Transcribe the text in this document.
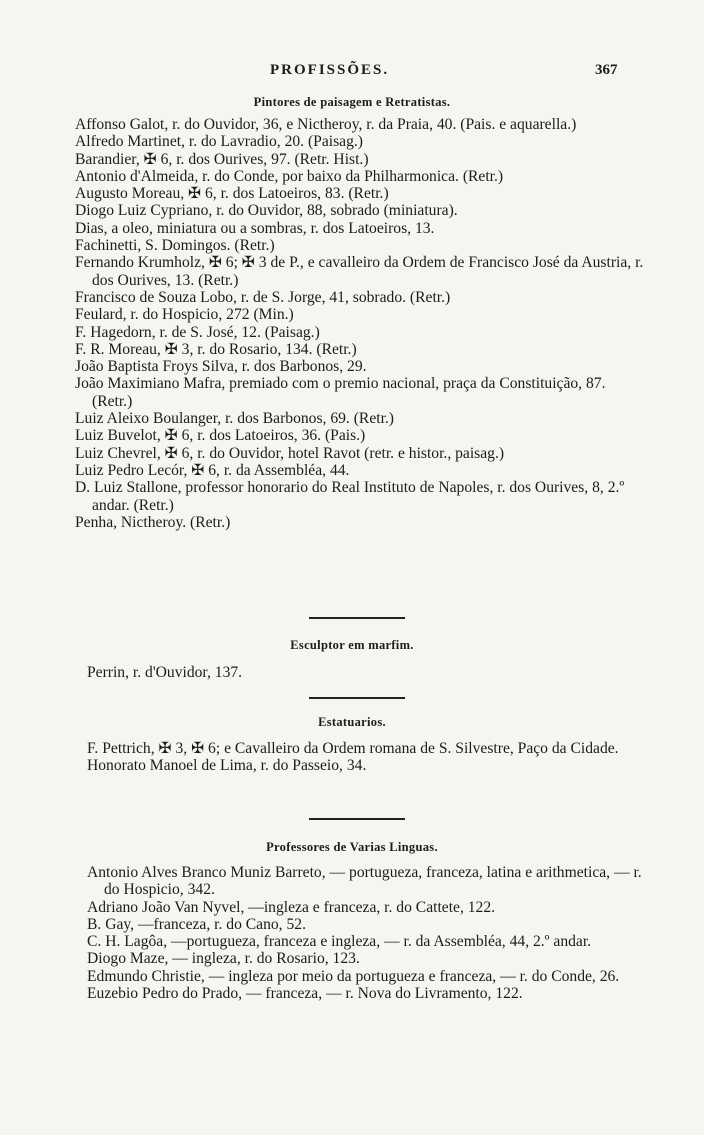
PROFISSÕES.	367
Pintores de paisagem e Retratistas.
Affonso Galot, r. do Ouvidor, 36, e Nictheroy, r. da Praia, 40. (Pais. e aquarella.)
Alfredo Martinet, r. do Lavradio, 20. (Paisag.)
Barandier, ✠ 6, r. dos Ourives, 97. (Retr. Hist.)
Antonio d'Almeida, r. do Conde, por baixo da Philharmonica. (Retr.)
Augusto Moreau, ✠ 6, r. dos Latoeiros, 83. (Retr.)
Diogo Luiz Cypriano, r. do Ouvidor, 88, sobrado (miniatura).
Dias, a oleo, miniatura ou a sombras, r. dos Latoeiros, 13.
Fachinetti, S. Domingos. (Retr.)
Fernando Krumholz, ✠ 6; ✠ 3 de P., e cavalleiro da Ordem de Francisco José da Austria, r. dos Ourives, 13. (Retr.)
Francisco de Souza Lobo, r. de S. Jorge, 41, sobrado. (Retr.)
Feulard, r. do Hospicio, 272 (Min.)
F. Hagedorn, r. de S. José, 12. (Paisag.)
F. R. Moreau, ✠ 3, r. do Rosario, 134. (Retr.)
João Baptista Froys Silva, r. dos Barbonos, 29.
João Maximiano Mafra, premiado com o premio nacional, praça da Constituição, 87. (Retr.)
Luiz Aleixo Boulanger, r. dos Barbonos, 69. (Retr.)
Luiz Buvelot, ✠ 6, r. dos Latoeiros, 36. (Pais.)
Luiz Chevrel, ✠ 6, r. do Ouvidor, hotel Ravot (retr. e histor., paisag.)
Luiz Pedro Lecór, ✠ 6, r. da Assembléa, 44.
D. Luiz Stallone, professor honorario do Real Instituto de Napoles, r. dos Ourives, 8, 2.º andar. (Retr.)
Penha, Nictheroy. (Retr.)
Esculptor em marfim.
Perrin, r. d'Ouvidor, 137.
Estatuarios.
F. Pettrich, ✠ 3, ✠ 6; e Cavalleiro da Ordem romana de S. Silvestre, Paço da Cidade.
Honorato Manoel de Lima, r. do Passeio, 34.
Professores de Varias Linguas.
Antonio Alves Branco Muniz Barreto, — portugueza, franceza, latina e arithmetica, — r. do Hospicio, 342.
Adriano João Van Nyvel, —ingleza e franceza, r. do Cattete, 122.
B. Gay, —franceza, r. do Cano, 52.
C. H. Lagôa, —portugueza, franceza e ingleza, — r. da Assembléa, 44, 2.º andar.
Diogo Maze, — ingleza, r. do Rosario, 123.
Edmundo Christie, — ingleza por meio da portugueza e franceza, — r. do Conde, 26.
Euzebio Pedro do Prado, — franceza, — r. Nova do Livramento, 122.
